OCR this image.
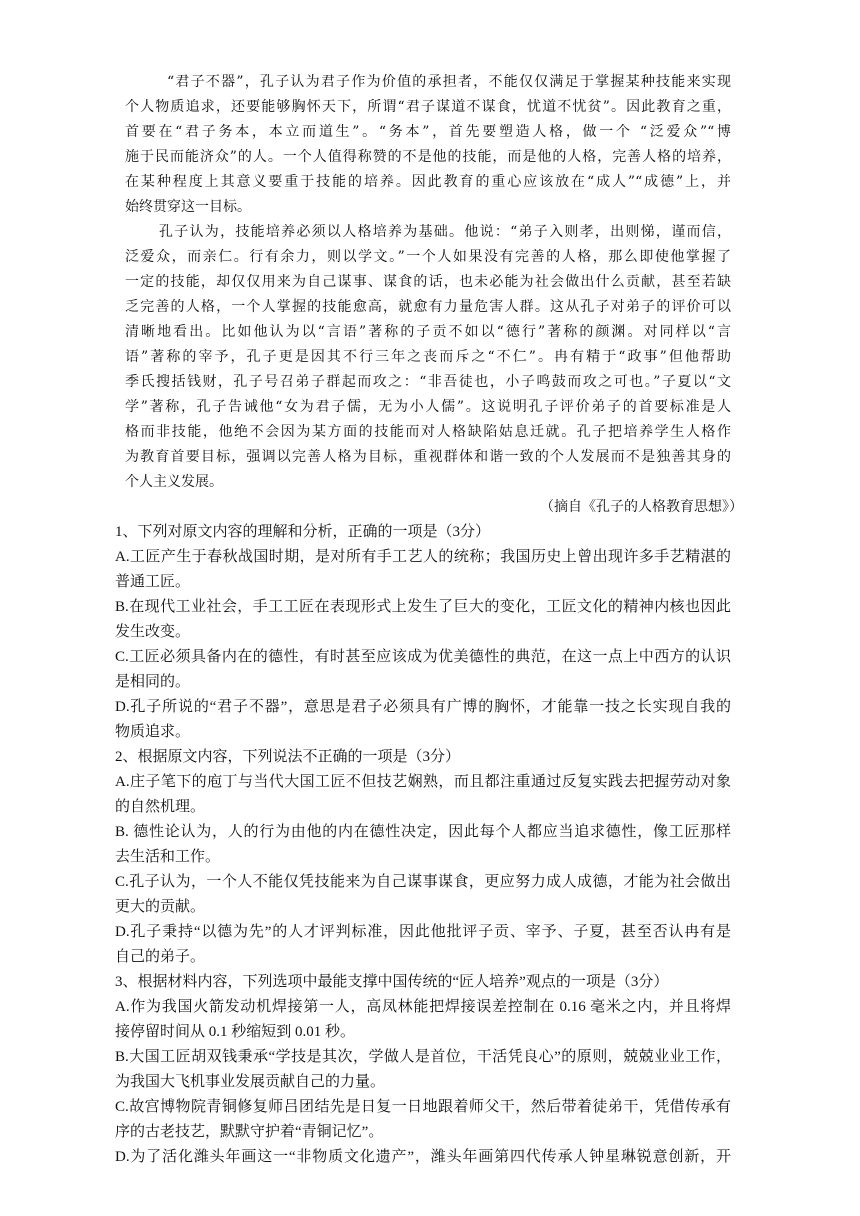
“君子不器”，孔子认为君子作为价值的承担者，不能仅仅满足于掌握某种技能来实现
个人物质追求，还要能够胸怀天下，所谓“君子谋道不谋食，忧道不忧贫”。因此教育之重，
首要在“君子务本，本立而道生”。“务本”，首先要塑造人格，做一个 “泛爱众”“博
施于民而能济众”的人。一个人值得称赞的不是他的技能，而是他的人格，完善人格的培养，
在某种程度上其意义要重于技能的培养。因此教育的重心应该放在“成人”“成德”上，并
始终贯穿这一目标。
孔子认为，技能培养必须以人格培养为基础。他说：“弟子入则孝，出则悌，谨而信，
泛爱众，而亲仁。行有余力，则以学文。”一个人如果没有完善的人格，那么即使他掌握了
一定的技能，却仅仅用来为自己谋事、谋食的话，也未必能为社会做出什么贡献，甚至若缺
乏完善的人格，一个人掌握的技能愈高，就愈有力量危害人群。这从孔子对弟子的评价可以
清晰地看出。比如他认为以“言语”著称的子贡不如以“德行”著称的颜渊。对同样以“言
语”著称的宰予，孔子更是因其不行三年之丧而斥之“不仁”。冉有精于“政事”但他帮助
季氏搜括钱财，孔子号召弟子群起而攻之：“非吾徒也，小子鸣鼓而攻之可也。”子夏以“文
学”著称，孔子告诫他“女为君子儒，无为小人儒”。这说明孔子评价弟子的首要标准是人
格而非技能，他绝不会因为某方面的技能而对人格缺陷姑息迁就。孔子把培养学生人格作
为教育首要目标，强调以完善人格为目标，重视群体和谐一致的个人发展而不是独善其身的
个人主义发展。
（摘自《孔子的人格教育思想》）
1、下列对原文内容的理解和分析，正确的一项是（3分）
A.工匠产生于春秋战国时期，是对所有手工艺人的统称；我国历史上曾出现许多手艺精湛的
普通工匠。
B.在现代工业社会，手工工匠在表现形式上发生了巨大的变化，工匠文化的精神内核也因此
发生改变。
C.工匠必须具备内在的德性，有时甚至应该成为优美德性的典范，在这一点上中西方的认识
是相同的。
D.孔子所说的“君子不器”，意思是君子必须具有广博的胸怀，才能靠一技之长实现自我的
物质追求。
2、根据原文内容，下列说法不正确的一项是（3分）
A.庄子笔下的庖丁与当代大国工匠不但技艺娴熟，而且都注重通过反复实践去把握劳动对象
的自然机理。
B. 德性论认为，人的行为由他的内在德性决定，因此每个人都应当追求德性，像工匠那样
去生活和工作。
C.孔子认为，一个人不能仅凭技能来为自己谋事谋食，更应努力成人成德，才能为社会做出
更大的贡献。
D.孔子秉持“以德为先”的人才评判标准，因此他批评子贡、宰予、子夏，甚至否认冉有是
自己的弟子。
3、根据材料内容，下列选项中最能支撑中国传统的“匠人培养”观点的一项是（3分）
A.作为我国火箭发动机焊接第一人，高凤林能把焊接误差控制在 0.16 毫米之内，并且将焊
接停留时间从 0.1 秒缩短到 0.01 秒。
B.大国工匠胡双钱秉承“学技是其次，学做人是首位，干活凭良心”的原则，兢兢业业工作，
为我国大飞机事业发展贡献自己的力量。
C.故宫博物院青铜修复师吕团结先是日复一日地跟着师父干，然后带着徒弟干，凭借传承有
序的古老技艺，默默守护着“青铜记忆”。
D.为了活化潍头年画这一“非物质文化遗产”，潍头年画第四代传承人钟星琳锐意创新，开
